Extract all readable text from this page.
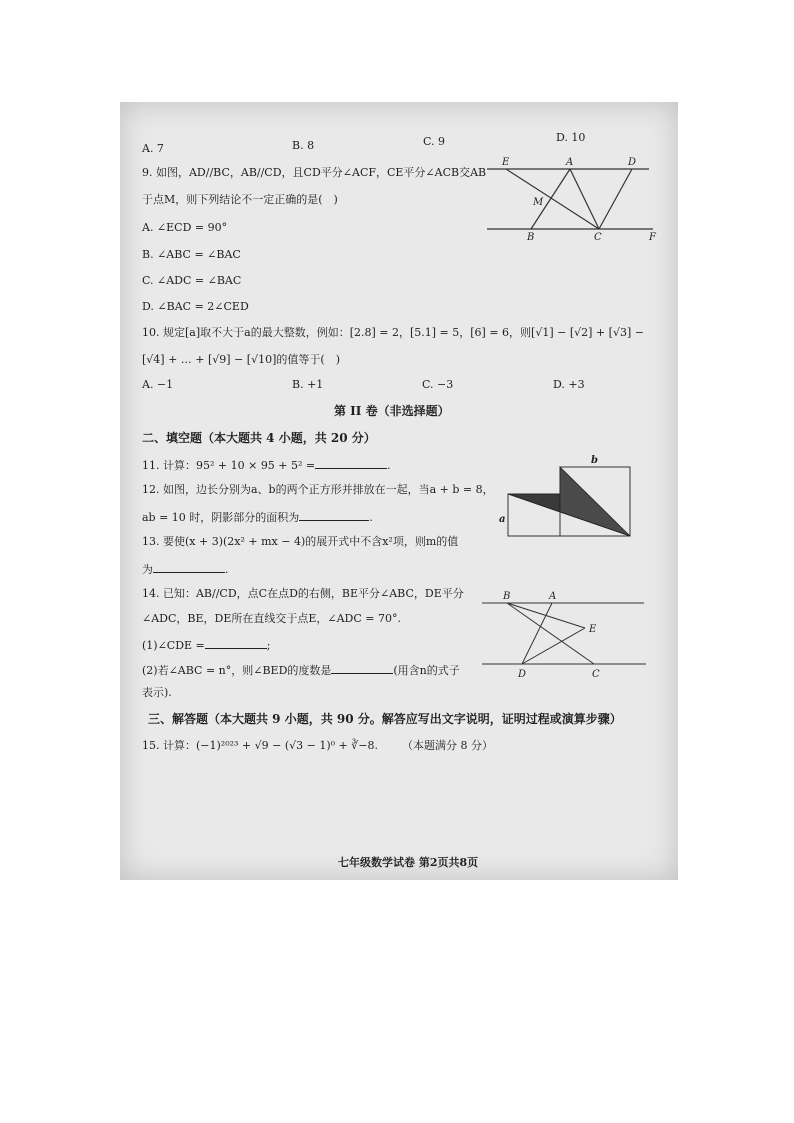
A. 7	B. 8	C. 9	D. 10
9. 如图，AD//BC，AB//CD，且CD平分∠ACF，CE平分∠ACB交AB
于点M，则下列结论不一定正确的是(　)
A. ∠ECD = 90°
B. ∠ABC = ∠BAC
C. ∠ADC = ∠BAC
D. ∠BAC = 2∠CED
E	A	D
M
B	C	F
10. 规定[a]取不大于a的最大整数，例如：[2.8] = 2，[5.1] = 5，[6] = 6，则[√1] − [√2] + [√3] −
[√4] + … + [√9] − [√10]的值等于(　)
A. −1	B. +1	C. −3	D. +3
第 II 卷（非选择题）
二、填空题（本大题共 4 小题，共 20 分）
11. 计算：95² + 10 × 95 + 5² =	.
12. 如图，边长分别为a、b的两个正方形并排放在一起，当a + b = 8，
ab = 10 时，阴影部分的面积为	.
b
a
13. 要使(x + 3)(2x² + mx − 4)的展开式中不含x²项，则m的值
为	.
14. 已知：AB//CD，点C在点D的右侧，BE平分∠ABC，DE平分
∠ADC，BE，DE所在直线交于点E，∠ADC = 70°.
(1)∠CDE =	;
(2)若∠ABC = n°，则∠BED的度数是	(用含n的式子
表示).
B	A
E
D	C
三、解答题（本大题共 9 小题，共 90 分。解答应写出文字说明，证明过程或演算步骤）
15. 计算：(−1)²⁰²³ + √9 − (√3 − 1)⁰ + ∛−8. （本题满分 8 分）
七年级数学试卷 第2页共8页
